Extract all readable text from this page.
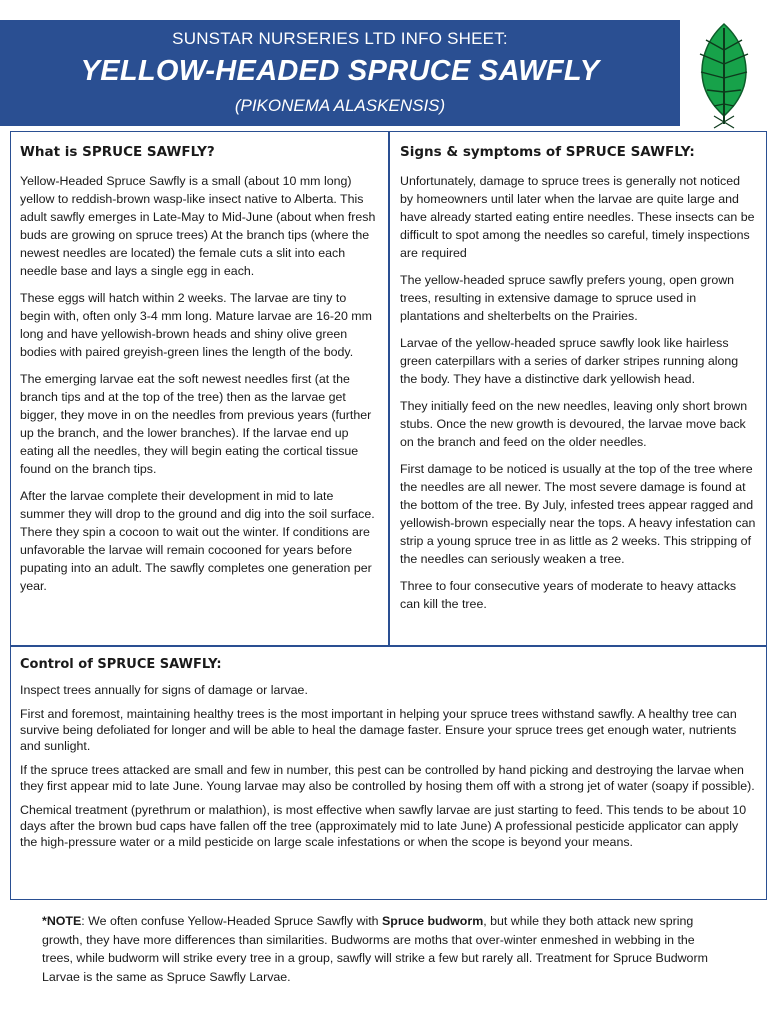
SUNSTAR NURSERIES LTD INFO SHEET:
YELLOW-HEADED SPRUCE SAWFLY
(PIKONEMA ALASKENSIS)
What is SPRUCE SAWFLY?

Yellow-Headed Spruce Sawfly is a small (about 10 mm long) yellow to reddish-brown wasp-like insect native to Alberta. This adult sawfly emerges in Late-May to Mid-June (about when fresh buds are growing on spruce trees) At the branch tips (where the newest needles are located) the female cuts a slit into each needle base and lays a single egg in each.

These eggs will hatch within 2 weeks. The larvae are tiny to begin with, often only 3-4 mm long. Mature larvae are 16-20 mm long and have yellowish-brown heads and shiny olive green bodies with paired greyish-green lines the length of the body.

The emerging larvae eat the soft newest needles first (at the branch tips and at the top of the tree) then as the larvae get bigger, they move in on the needles from previous years (further up the branch, and the lower branches). If the larvae end up eating all the needles, they will begin eating the cortical tissue found on the branch tips.

After the larvae complete their development in mid to late summer they will drop to the ground and dig into the soil surface. There they spin a cocoon to wait out the winter. If conditions are unfavorable the larvae will remain cocooned for years before pupating into an adult. The sawfly completes one generation per year.

Signs & symptoms of SPRUCE SAWFLY:

Unfortunately, damage to spruce trees is generally not noticed by homeowners until later when the larvae are quite large and have already started eating entire needles. These insects can be difficult to spot among the needles so careful, timely inspections are required

The yellow-headed spruce sawfly prefers young, open grown trees, resulting in extensive damage to spruce used in plantations and shelterbelts on the Prairies.

Larvae of the yellow-headed spruce sawfly look like hairless green caterpillars with a series of darker stripes running along the body. They have a distinctive dark yellowish head.

They initially feed on the new needles, leaving only short brown stubs. Once the new growth is devoured, the larvae move back on the branch and feed on the older needles.

First damage to be noticed is usually at the top of the tree where the needles are all newer. The most severe damage is found at the bottom of the tree. By July, infested trees appear ragged and yellowish-brown especially near the tops. A heavy infestation can strip a young spruce tree in as little as 2 weeks. This stripping of the needles can seriously weaken a tree.

Three to four consecutive years of moderate to heavy attacks can kill the tree.

Control of SPRUCE SAWFLY:

Inspect trees annually for signs of damage or larvae.

First and foremost, maintaining healthy trees is the most important in helping your spruce trees withstand sawfly. A healthy tree can survive being defoliated for longer and will be able to heal the damage faster. Ensure your spruce trees get enough water, nutrients and sunlight.

If the spruce trees attacked are small and few in number, this pest can be controlled by hand picking and destroying the larvae when they first appear mid to late June. Young larvae may also be controlled by hosing them off with a strong jet of water (soapy if possible).

Chemical treatment (pyrethrum or malathion), is most effective when sawfly larvae are just starting to feed. This tends to be about 10 days after the brown bud caps have fallen off the tree (approximately mid to late June) A professional pesticide applicator can apply the high-pressure water or a mild pesticide on large scale infestations or when the scope is beyond your means.

*NOTE: We often confuse Yellow-Headed Spruce Sawfly with Spruce budworm, but while they both attack new spring growth, they have more differences than similarities. Budworms are moths that over-winter enmeshed in webbing in the trees, while budworm will strike every tree in a group, sawfly will strike a few but rarely all. Treatment for Spruce Budworm Larvae is the same as Spruce Sawfly Larvae.
